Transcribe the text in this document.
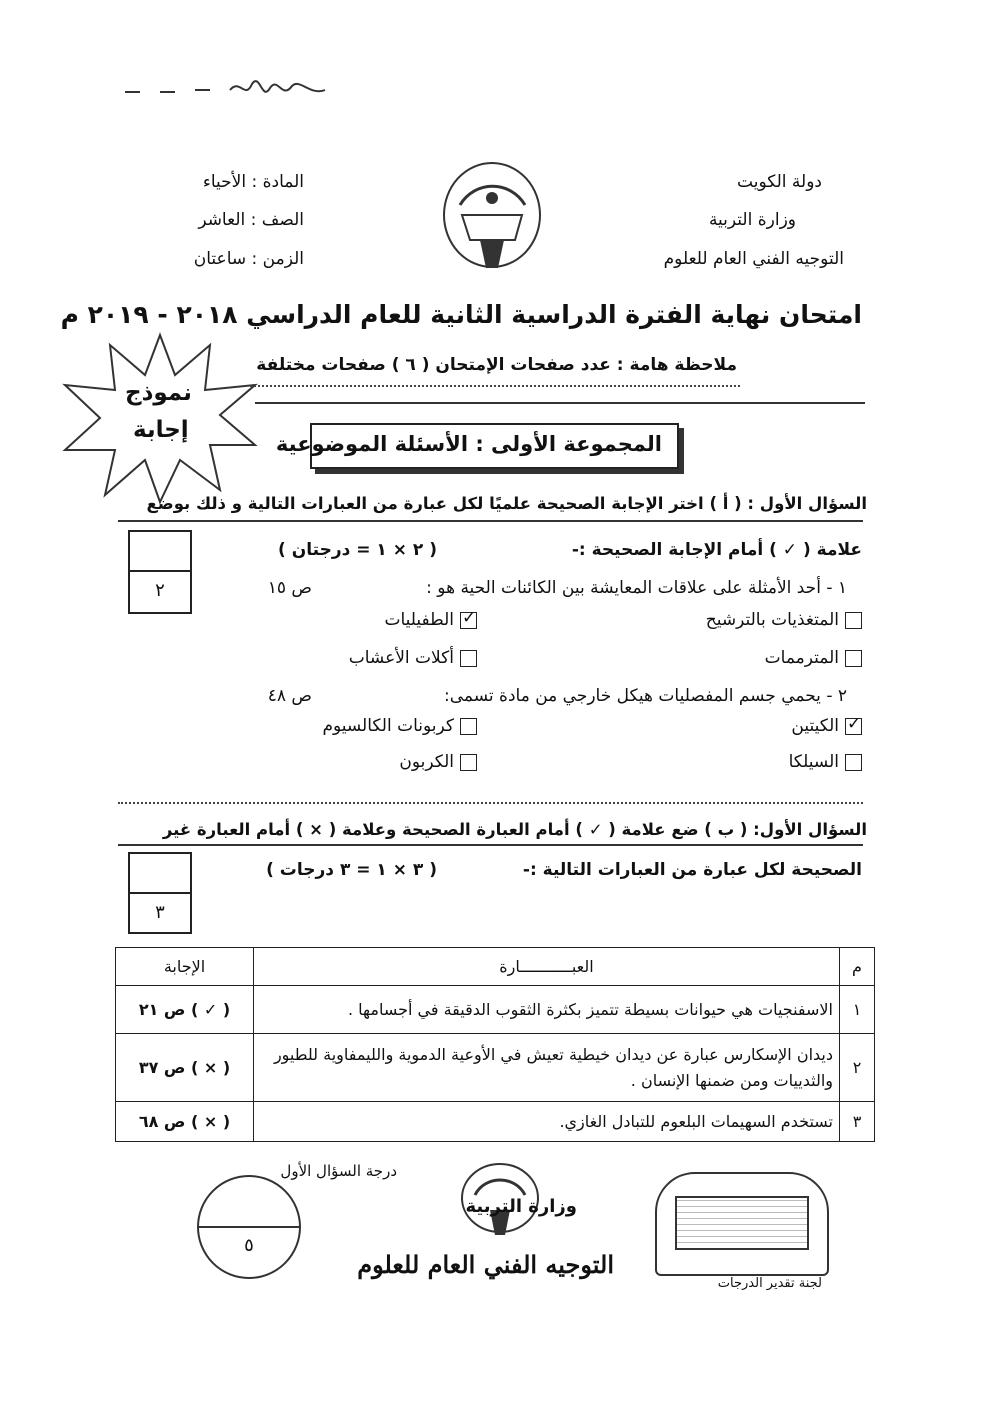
دولة الكويت
وزارة التربية
التوجيه الفني العام للعلوم
المادة : الأحياء
الصف : العاشر
الزمن : ساعتان
امتحان نهاية الفترة الدراسية الثانية للعام الدراسي ٢٠١٨ - ٢٠١٩ م
نموذج
إجابة
ملاحظة هامة : عدد صفحات الإمتحان ( ٦ ) صفحات مختلفة
المجموعة الأولى : الأسئلة الموضوعية
السؤال الأول : ( أ ) اختر الإجابة الصحيحة علميًا لكل عبارة من العبارات التالية و ذلك بوضع
٢
علامة ( ✓ ) أمام الإجابة الصحيحة :-
( ٢ × ١ = درجتان )
١ - أحد الأمثلة على علاقات المعايشة بين الكائنات الحية هو :
ص ١٥
المتغذيات بالترشيح
✓الطفيليات
المترممات
أكلات الأعشاب
٢ - يحمي جسم المفصليات هيكل خارجي من مادة تسمى:
ص ٤٨
✓الكيتين
كربونات الكالسيوم
السيلكا
الكربون
السؤال الأول: ( ب ) ضع علامة ( ✓ ) أمام العبارة الصحيحة وعلامة ( × ) أمام العبارة غير
٣
الصحيحة لكل عبارة من العبارات التالية :-
( ٣ × ١ = ٣ درجات )
م	العبـــــــــــارة	الإجابة
١	الاسفنجيات هي حيوانات بسيطة تتميز بكثرة الثقوب الدقيقة في أجسامها .	( ✓ ) ص ٢١
٢	ديدان الإسكارس عبارة عن ديدان خيطية تعيش في الأوعية الدموية والليمفاوية للطيور والثدييات ومن ضمنها الإنسان .	( × ) ص ٣٧
٣	تستخدم السهيمات البلعوم للتبادل الغازي.	( × ) ص ٦٨
درجة السؤال الأول
٥
وزارة التربية
التوجيه الفني العام للعلوم
لجنة تقدير الدرجات
